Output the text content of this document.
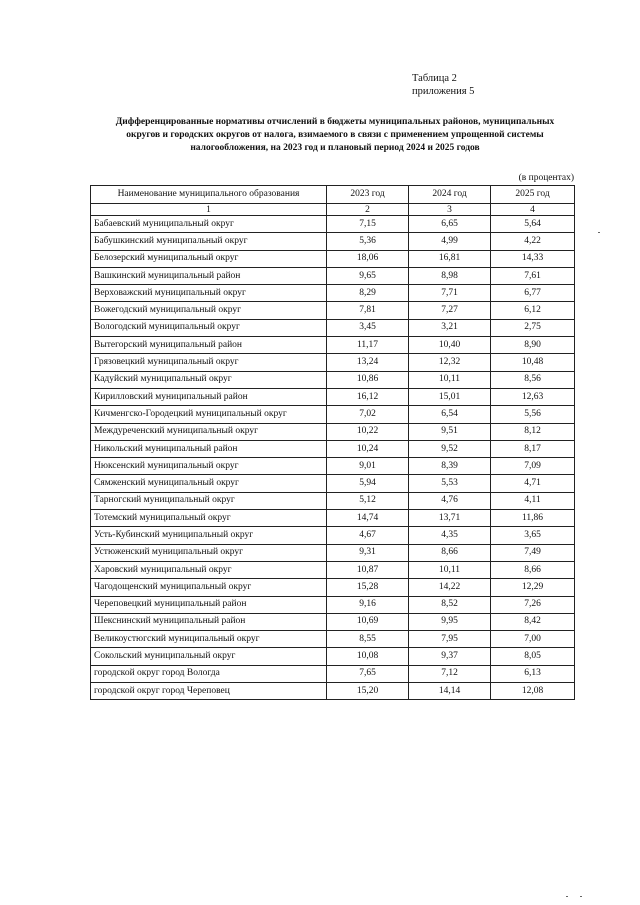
Таблица 2
приложения 5
Дифференцированные нормативы отчислений в бюджеты муниципальных районов, муниципальных округов и городских округов от налога, взимаемого в связи с применением упрощенной системы налогообложения, на 2023 год и плановый период 2024 и 2025 годов
(в процентах)
Наименование муниципального образования	2023 год	2024 год	2025 год
1	2	3	4
Бабаевский муниципальный округ	7,15	6,65	5,64
Бабушкинский муниципальный округ	5,36	4,99	4,22
Белозерский муниципальный округ	18,06	16,81	14,33
Вашкинский муниципальный район	9,65	8,98	7,61
Верховажский муниципальный округ	8,29	7,71	6,77
Вожегодский муниципальный округ	7,81	7,27	6,12
Вологодский муниципальный округ	3,45	3,21	2,75
Вытегорский муниципальный район	11,17	10,40	8,90
Грязовецкий муниципальный округ	13,24	12,32	10,48
Кадуйский муниципальный округ	10,86	10,11	8,56
Кирилловский муниципальный район	16,12	15,01	12,63
Кичменгско-Городецкий муниципальный округ	7,02	6,54	5,56
Междуреченский муниципальный округ	10,22	9,51	8,12
Никольский муниципальный район	10,24	9,52	8,17
Нюксенский муниципальный округ	9,01	8,39	7,09
Сямженский муниципальный округ	5,94	5,53	4,71
Тарногский муниципальный округ	5,12	4,76	4,11
Тотемский муниципальный округ	14,74	13,71	11,86
Усть-Кубинский муниципальный округ	4,67	4,35	3,65
Устюженский муниципальный округ	9,31	8,66	7,49
Харовский муниципальный округ	10,87	10,11	8,66
Чагодощенский муниципальный округ	15,28	14,22	12,29
Череповецкий муниципальный район	9,16	8,52	7,26
Шекснинский муниципальный район	10,69	9,95	8,42
Великоустюгский муниципальный округ	8,55	7,95	7,00
Сокольский муниципальный округ	10,08	9,37	8,05
городской округ город Вологда	7,65	7,12	6,13
городской округ город Череповец	15,20	14,14	12,08
